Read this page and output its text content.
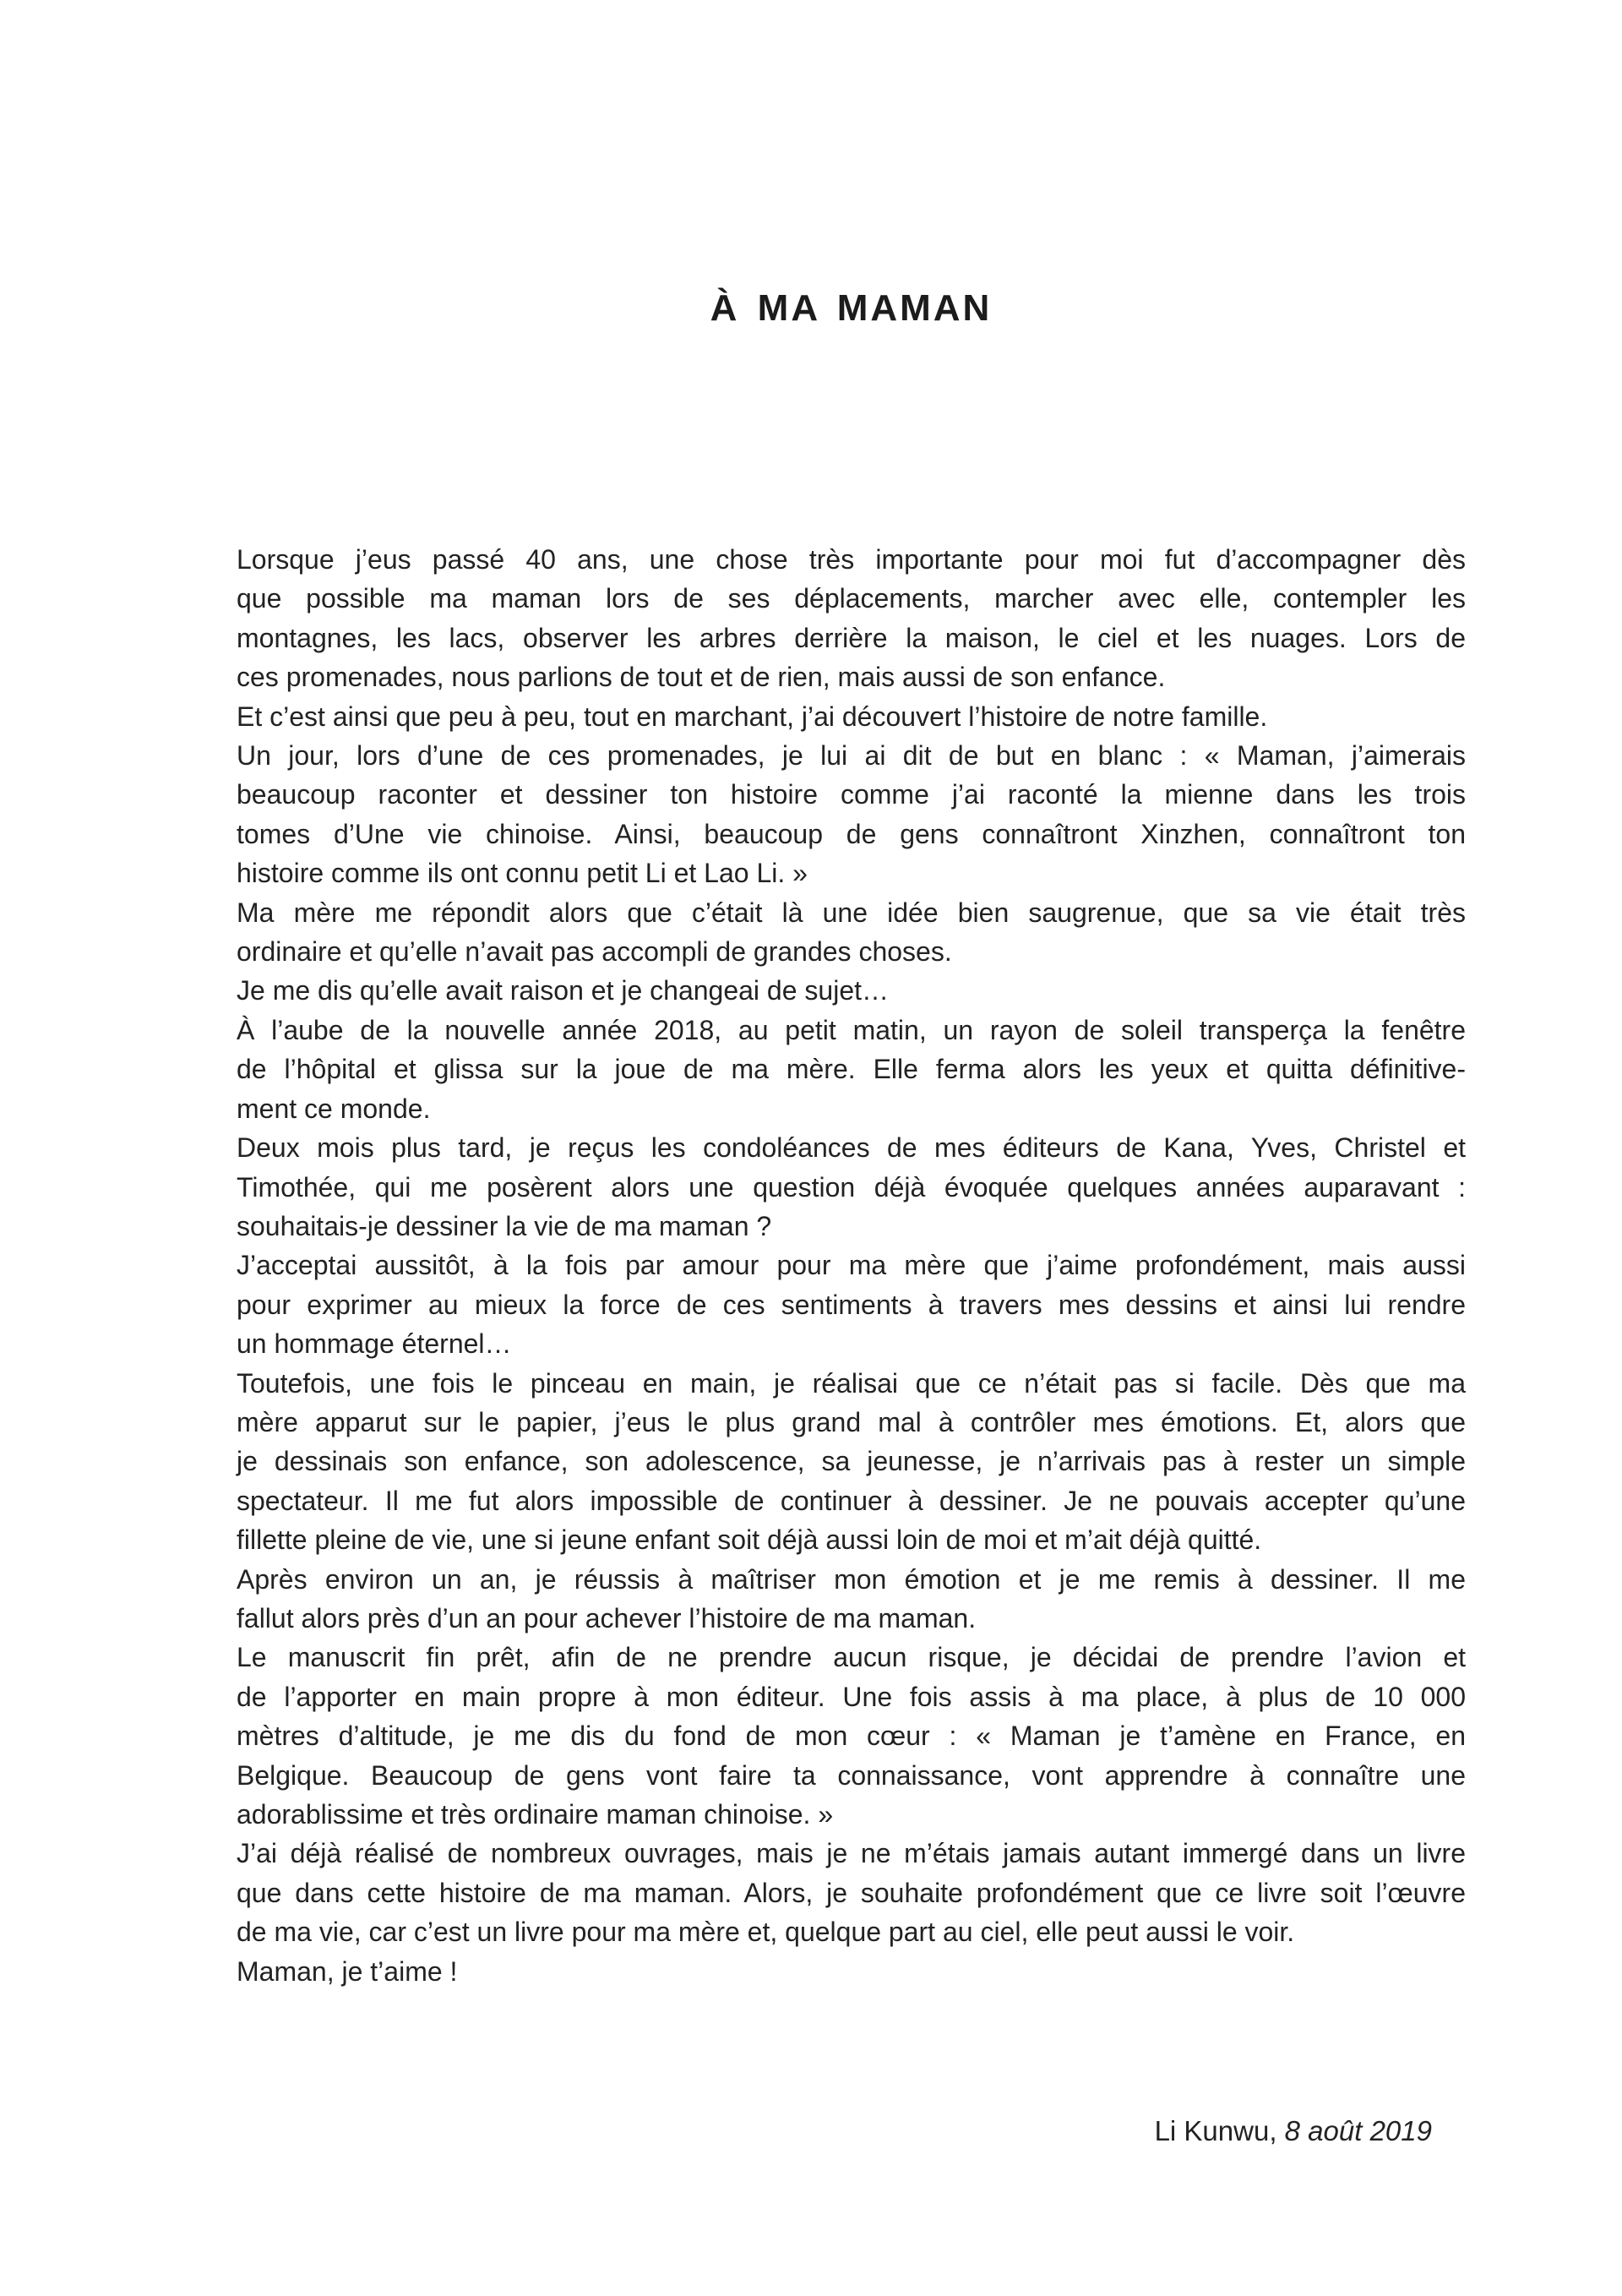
À MA MAMAN
Lorsque j’eus passé 40 ans, une chose très importante pour moi fut d’accompagner dès
que possible ma maman lors de ses déplacements, marcher avec elle, contempler les
montagnes, les lacs, observer les arbres derrière la maison, le ciel et les nuages. Lors de
ces promenades, nous parlions de tout et de rien, mais aussi de son enfance.
Et c’est ainsi que peu à peu, tout en marchant, j’ai découvert l’histoire de notre famille.
Un jour, lors d’une de ces promenades, je lui ai dit de but en blanc : « Maman, j’aimerais
beaucoup raconter et dessiner ton histoire comme j’ai raconté la mienne dans les trois
tomes d’Une vie chinoise. Ainsi, beaucoup de gens connaîtront Xinzhen, connaîtront ton
histoire comme ils ont connu petit Li et Lao Li. »
Ma mère me répondit alors que c’était là une idée bien saugrenue, que sa vie était très
ordinaire et qu’elle n’avait pas accompli de grandes choses.
Je me dis qu’elle avait raison et je changeai de sujet…
À l’aube de la nouvelle année 2018, au petit matin, un rayon de soleil transperça la fenêtre
de l’hôpital et glissa sur la joue de ma mère. Elle ferma alors les yeux et quitta définitive-
ment ce monde.
Deux mois plus tard, je reçus les condoléances de mes éditeurs de Kana, Yves, Christel et
Timothée, qui me posèrent alors une question déjà évoquée quelques années auparavant :
souhaitais-je dessiner la vie de ma maman ?
J’acceptai aussitôt, à la fois par amour pour ma mère que j’aime profondément, mais aussi
pour exprimer au mieux la force de ces sentiments à travers mes dessins et ainsi lui rendre
un hommage éternel…
Toutefois, une fois le pinceau en main, je réalisai que ce n’était pas si facile. Dès que ma
mère apparut sur le papier, j’eus le plus grand mal à contrôler mes émotions. Et, alors que
je dessinais son enfance, son adolescence, sa jeunesse, je n’arrivais pas à rester un simple
spectateur. Il me fut alors impossible de continuer à dessiner. Je ne pouvais accepter qu’une
fillette pleine de vie, une si jeune enfant soit déjà aussi loin de moi et m’ait déjà quitté.
Après environ un an, je réussis à maîtriser mon émotion et je me remis à dessiner. Il me
fallut alors près d’un an pour achever l’histoire de ma maman.
Le manuscrit fin prêt, afin de ne prendre aucun risque, je décidai de prendre l’avion et
de l’apporter en main propre à mon éditeur. Une fois assis à ma place, à plus de 10 000
mètres d’altitude, je me dis du fond de mon cœur : « Maman je t’amène en France, en
Belgique. Beaucoup de gens vont faire ta connaissance, vont apprendre à connaître une
adorablissime et très ordinaire maman chinoise. »
J’ai déjà réalisé de nombreux ouvrages, mais je ne m’étais jamais autant immergé dans un livre
que dans cette histoire de ma maman. Alors, je souhaite profondément que ce livre soit l’œuvre
de ma vie, car c’est un livre pour ma mère et, quelque part au ciel, elle peut aussi le voir.
Maman, je t’aime !
Li Kunwu, 8 août 2019
